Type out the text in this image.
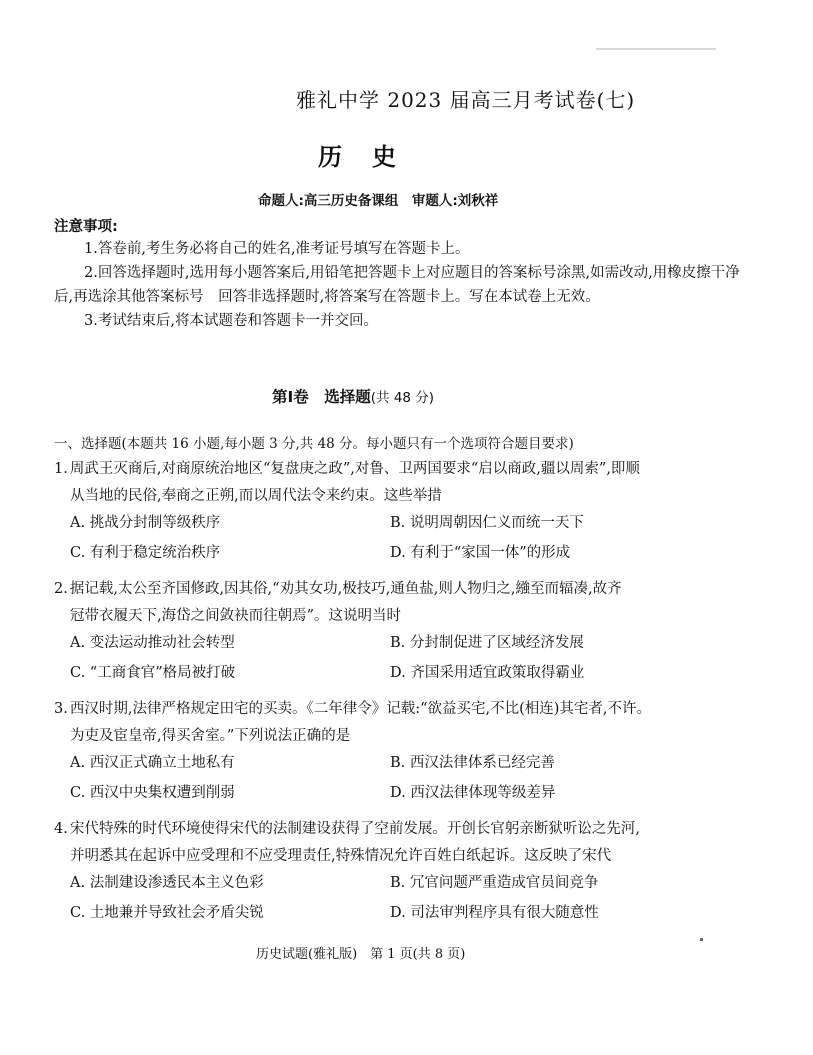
雅礼中学 2023 届高三月考试卷(七)
历史
命题人:高三历史备课组　审题人:刘秋祥
注意事项:

1.答卷前,考生务必将自己的姓名,准考证号填写在答题卡上。

2.回答选择题时,选用每小题答案后,用铅笔把答题卡上对应题目的答案标号涂黑,如需改动,用橡皮擦干净后,再选涂其他答案标号　回答非选择题时,将答案写在答题卡上。写在本试卷上无效。

3.考试结束后,将本试题卷和答题卡一并交回。

第Ⅰ卷　选择题(共 48 分)
一、选择题(本题共 16 小题,每小题 3 分,共 48 分。每小题只有一个选项符合题目要求)

1. 周武王灭商后,对商原统治地区“复盘庚之政”,对鲁、卫两国要求“启以商政,疆以周索”,即顺
从当地的民俗,奉商之正朔,而以周代法令来约束。这些举措

A. 挑战分封制等级秩序	B. 说明周朝因仁义而统一天下
C. 有利于稳定统治秩序	D. 有利于“家国一体”的形成

2. 据记载,太公至齐国修政,因其俗,“劝其女功,极技巧,通鱼盐,则人物归之,繈至而辐凑,故齐
冠带衣履天下,海岱之间敛袂而往朝焉”。这说明当时

A. 变法运动推动社会转型	B. 分封制促进了区域经济发展
C. “工商食官”格局被打破	D. 齐国采用适宜政策取得霸业

3. 西汉时期,法律严格规定田宅的买卖。《二年律令》记载:“欲益买宅,不比(相连)其宅者,不许。
为吏及宦皇帝,得买舍室。”下列说法正确的是

A. 西汉正式确立土地私有	B. 西汉法律体系已经完善
C. 西汉中央集权遭到削弱	D. 西汉法律体现等级差异

4. 宋代特殊的时代环境使得宋代的法制建设获得了空前发展。开创长官躬亲断狱听讼之先河,
并明悉其在起诉中应受理和不应受理责任,特殊情况允许百姓白纸起诉。这反映了宋代

A. 法制建设渗透民本主义色彩	B. 冗官问题严重造成官员间竞争
C. 土地兼并导致社会矛盾尖锐	D. 司法审判程序具有很大随意性
历史试题(雅礼版)　第 1 页(共 8 页)
